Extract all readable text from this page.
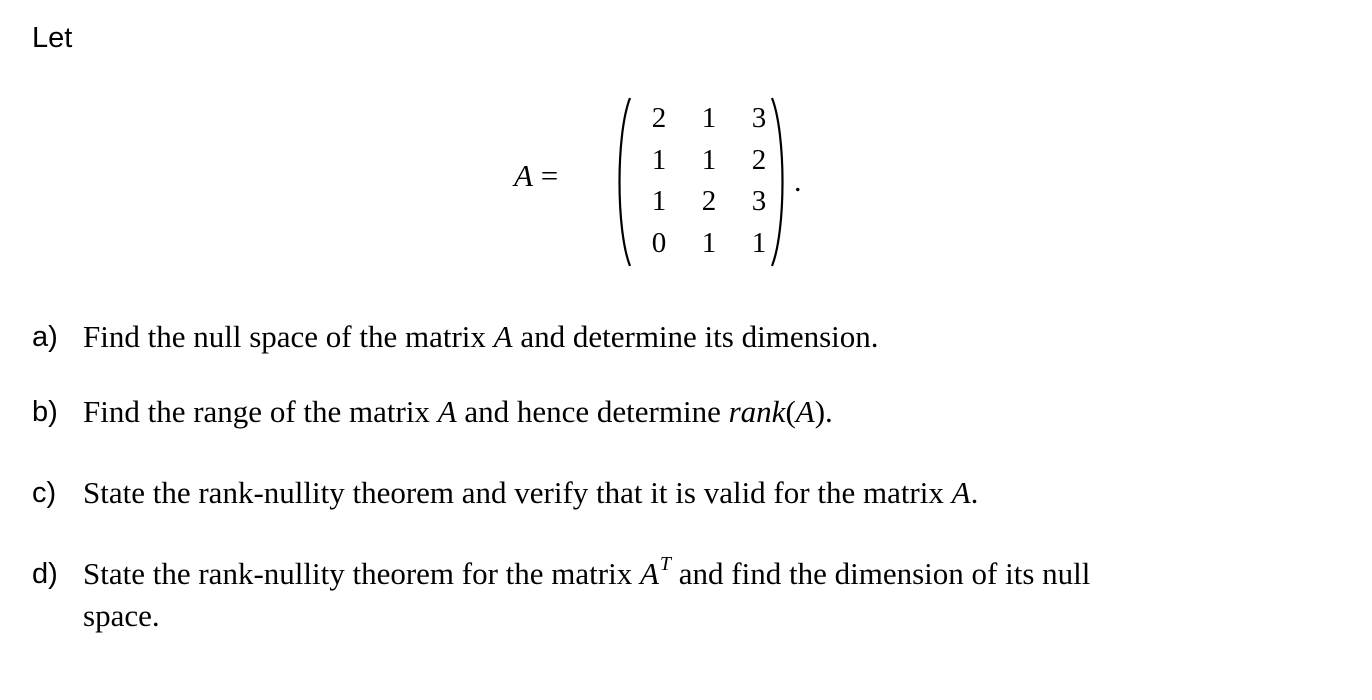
Let
A =
2	1	3
1	1	2
1	2	3
0	1	1
.
a) Find the null space of the matrix A and determine its dimension.
b) Find the range of the matrix A and hence determine rank(A).
c) State the rank-nullity theorem and verify that it is valid for the matrix A.
d) State the rank-nullity theorem for the matrix $A^T$ and find the dimension of its null
space.
